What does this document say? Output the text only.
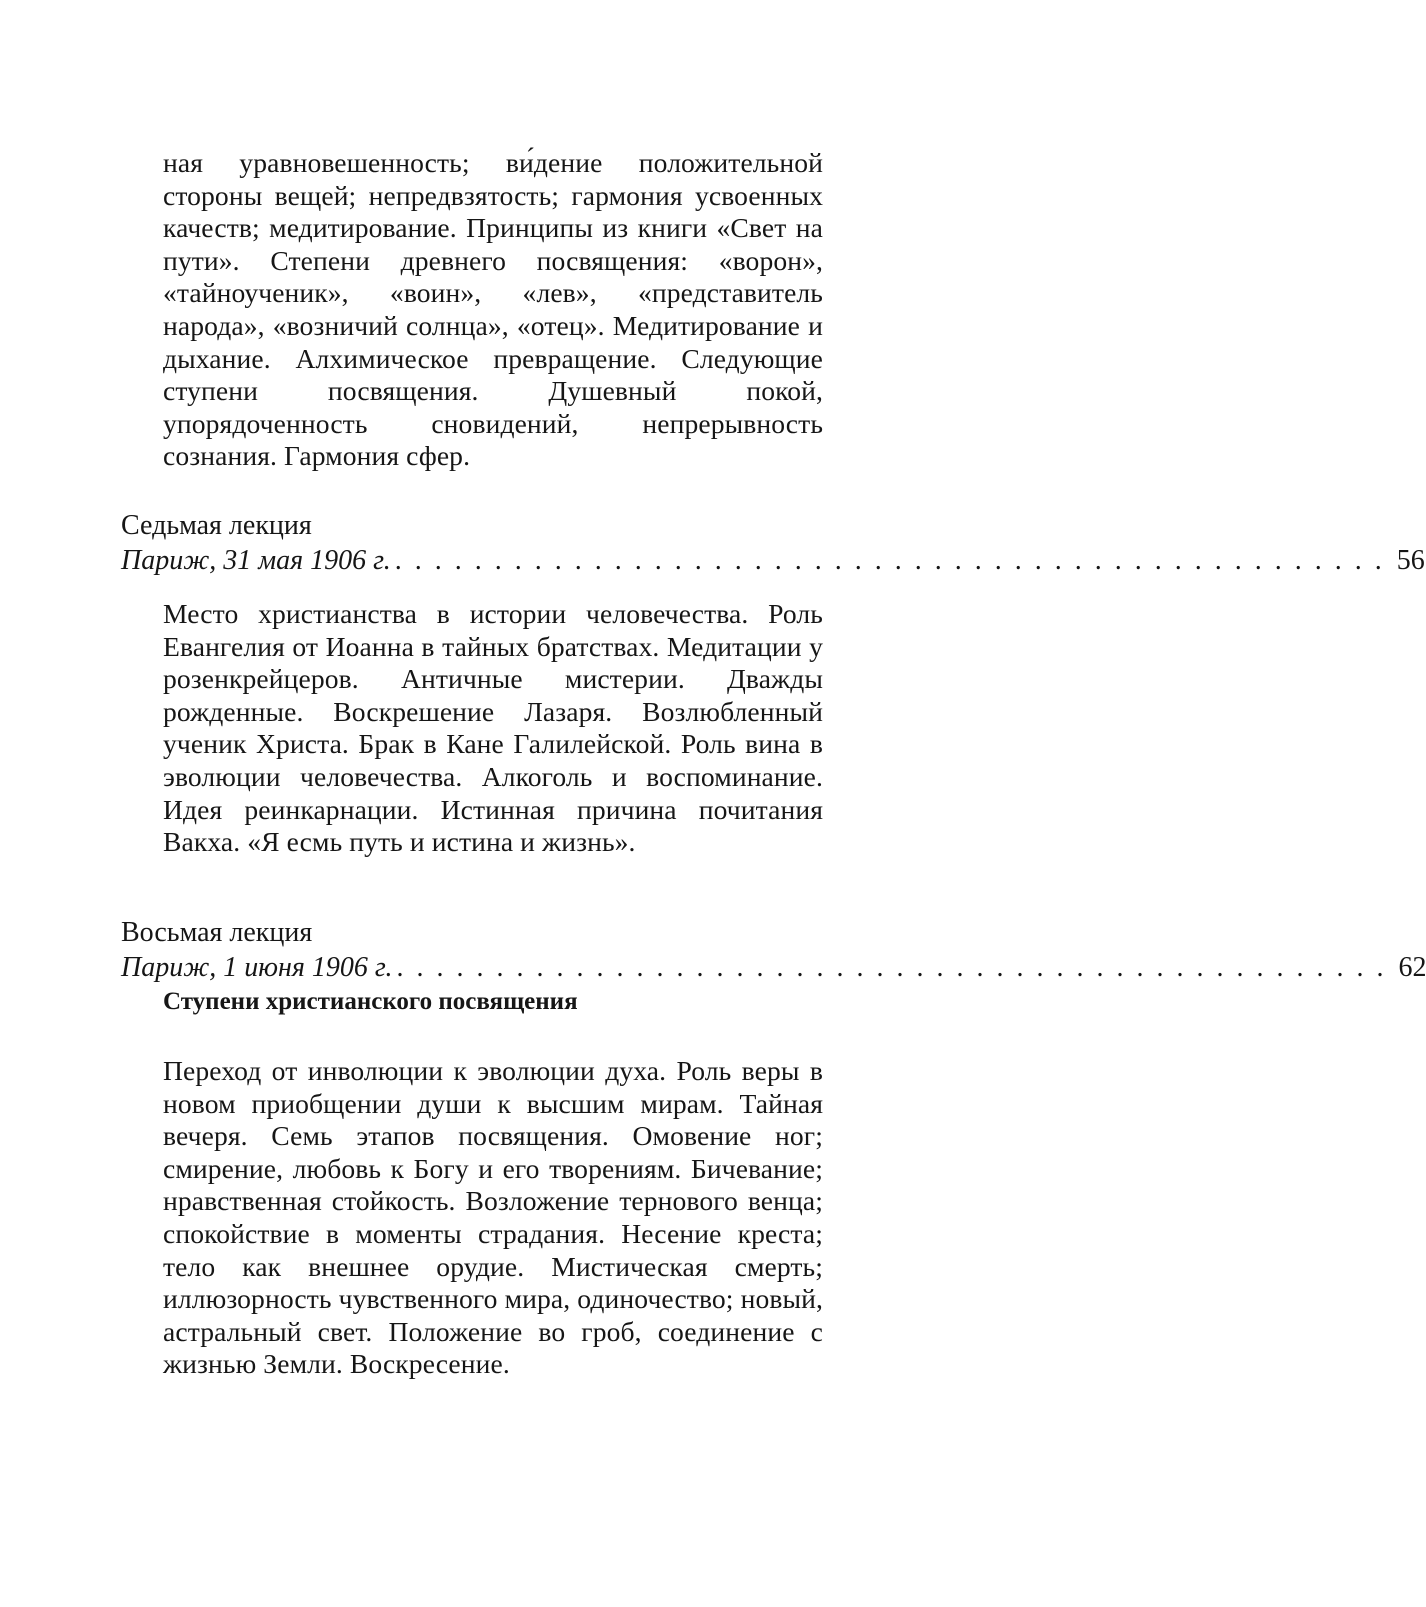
ная уравновешенность; ви́дение положительной стороны вещей; непредвзятость; гармония усвоенных качеств; медитирование. Принципы из книги «Свет на пути». Степени древнего посвящения: «ворон», «тайноученик», «воин», «лев», «представитель народа», «возничий солнца», «отец». Медитирование и дыхание. Алхимическое превращение. Следующие ступени посвящения. Душевный покой, упорядоченность сновидений, непрерывность сознания. Гармония сфер.

Седьмая лекция
Париж, 31 мая 1906 г. . . . . . . . . . . . . . . . . . . . . . . . . . . . . . . . . . . . . . . . . . . . . . . . . . . 56

Место христианства в истории человечества. Роль Евангелия от Иоанна в тайных братствах. Медитации у розенкрейцеров. Античные мистерии. Дважды рожденные. Воскрешение Лазаря. Возлюбленный ученик Христа. Брак в Кане Галилейской. Роль вина в эволюции человечества. Алкоголь и воспоминание. Идея реинкарнации. Истинная причина почитания Вакха. «Я есмь путь и истина и жизнь».

Восьмая лекция
Париж, 1 июня 1906 г. . . . . . . . . . . . . . . . . . . . . . . . . . . . . . . . . . . . . . . . . . . . . . . . . . . 62
Ступени христианского посвящения

Переход от инволюции к эволюции духа. Роль веры в новом приобщении души к высшим мирам. Тайная вечеря. Семь этапов посвящения. Омовение ног; смирение, любовь к Богу и его творениям. Бичевание; нравственная стойкость. Возложение тернового венца; спокойствие в моменты страдания. Несение креста; тело как внешнее орудие. Мистическая смерть; иллюзорность чувственного мира, одиночество; новый, астральный свет. Положение во гроб, соединение с жизнью Земли. Воскресение.
